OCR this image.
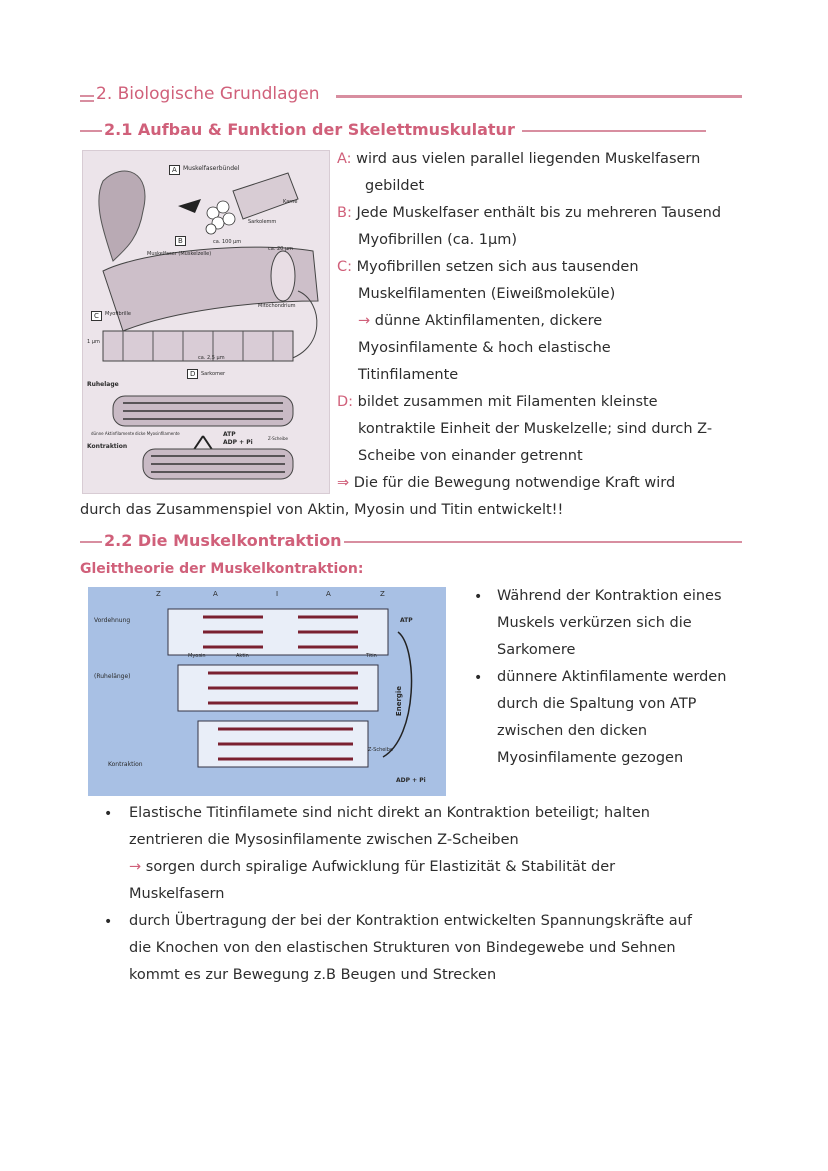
2. Biologische Grundlagen
2.1 Aufbau & Funktion der Skelettmuskulatur
A	Muskelfaserbündel
Karne
Sarkolemm
ca. 100 µm
ca. 20 µm
B
Muskelfaser (Muskelzelle)
C	Myofibrille
Mitochondrium
1 µm
ca. 2,5 µm
D	Sarkomer
Ruhelage
dünne Aktinfilamente dicke Myosinfilamente	ATP
ADP + Pi
Z-Scheibe
Kontraktion
A: wird aus vielen parallel liegenden Muskelfasern
gebildet
B: Jede Muskelfaser enthält bis zu mehreren Tausend
Myofibrillen (ca. 1µm)
C: Myofibrillen setzen sich aus tausenden
Muskelfilamenten (Eiweißmoleküle)
→ dünne Aktinfilamenten, dickere
Myosinfilamente & hoch elastische
Titinfilamente
D: bildet zusammen mit Filamenten kleinste
kontraktile Einheit der Muskelzelle; sind durch Z-
Scheibe von einander getrennt
⇒ Die für die Bewegung notwendige Kraft wird
durch das Zusammenspiel von Aktin, Myosin und Titin entwickelt!!
2.2 Die Muskelkontraktion
Gleittheorie der Muskelkontraktion:
Z	A	I	A	Z
Vordehnung
Myosin	Aktin	Titin
ATP
(Ruhelänge)
Energie
Z-Scheibe
Kontraktion
ADP + Pi
• Während der Kontraktion eines
Muskels verkürzen sich die
Sarkomere
• dünnere Aktinfilamente werden
durch die Spaltung von ATP
zwischen den dicken
Myosinfilamente gezogen
• Elastische Titinfilamete sind nicht direkt an Kontraktion beteiligt; halten
zentrieren die Mysosinfilamente zwischen Z-Scheiben
→ sorgen durch spiralige Aufwicklung für Elastizität & Stabilität der
Muskelfasern
• durch Übertragung der bei der Kontraktion entwickelten Spannungskräfte auf
die Knochen von den elastischen Strukturen von Bindegewebe und Sehnen
kommt es zur Bewegung z.B Beugen und Strecken
